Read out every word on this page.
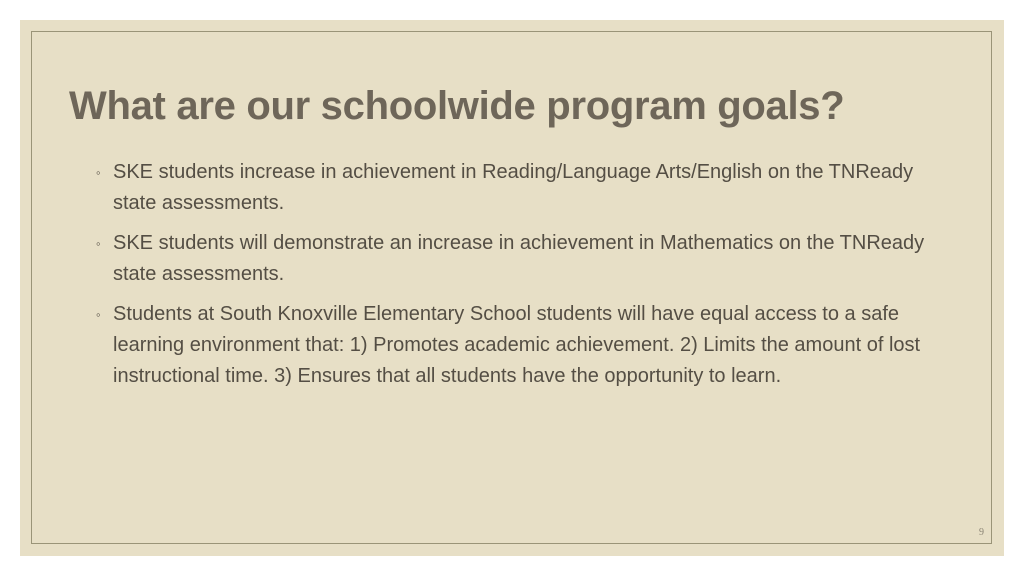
What are our schoolwide program goals?
◦ SKE students increase in achievement in Reading/Language Arts/English on the TNReady state assessments.
◦ SKE students will demonstrate an increase in achievement in Mathematics on the TNReady state assessments.
◦ Students at South Knoxville Elementary School students will have equal access to a safe learning environment that: 1) Promotes academic achievement. 2) Limits the amount of lost instructional time. 3) Ensures that all students have the opportunity to learn.
9
